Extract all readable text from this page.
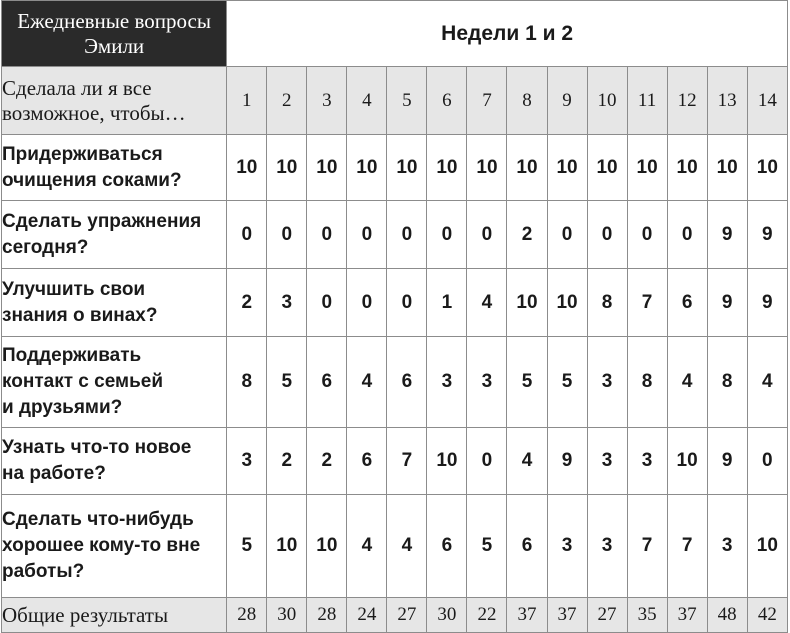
Ежедневные вопросы
Эмили	Недели 1 и 2													

Сделала ли я все
возможное, чтобы…	1	2	3	4	5	6	7	8	9	10	11	12	13	14

Придерживаться
очищения соками?	10	10	10	10	10	10	10	10	10	10	10	10	10	10

Сделать упражнения
сегодня?	0	0	0	0	0	0	0	2	0	0	0	0	9	9

Улучшить свои
знания о винах?	2	3	0	0	0	1	4	10	10	8	7	6	9	9

Поддерживать
контакт с семьей
и друзьями?	8	5	6	4	6	3	3	5	5	3	8	4	8	4

Узнать что-то новое
на работе?	3	2	2	6	7	10	0	4	9	3	3	10	9	0

Сделать что-нибудь
хорошее кому-то вне
работы?	5	10	10	4	4	6	5	6	3	3	7	7	3	10
Общие результаты	28	30	28	24	27	30	22	37	37	27	35	37	48	42
